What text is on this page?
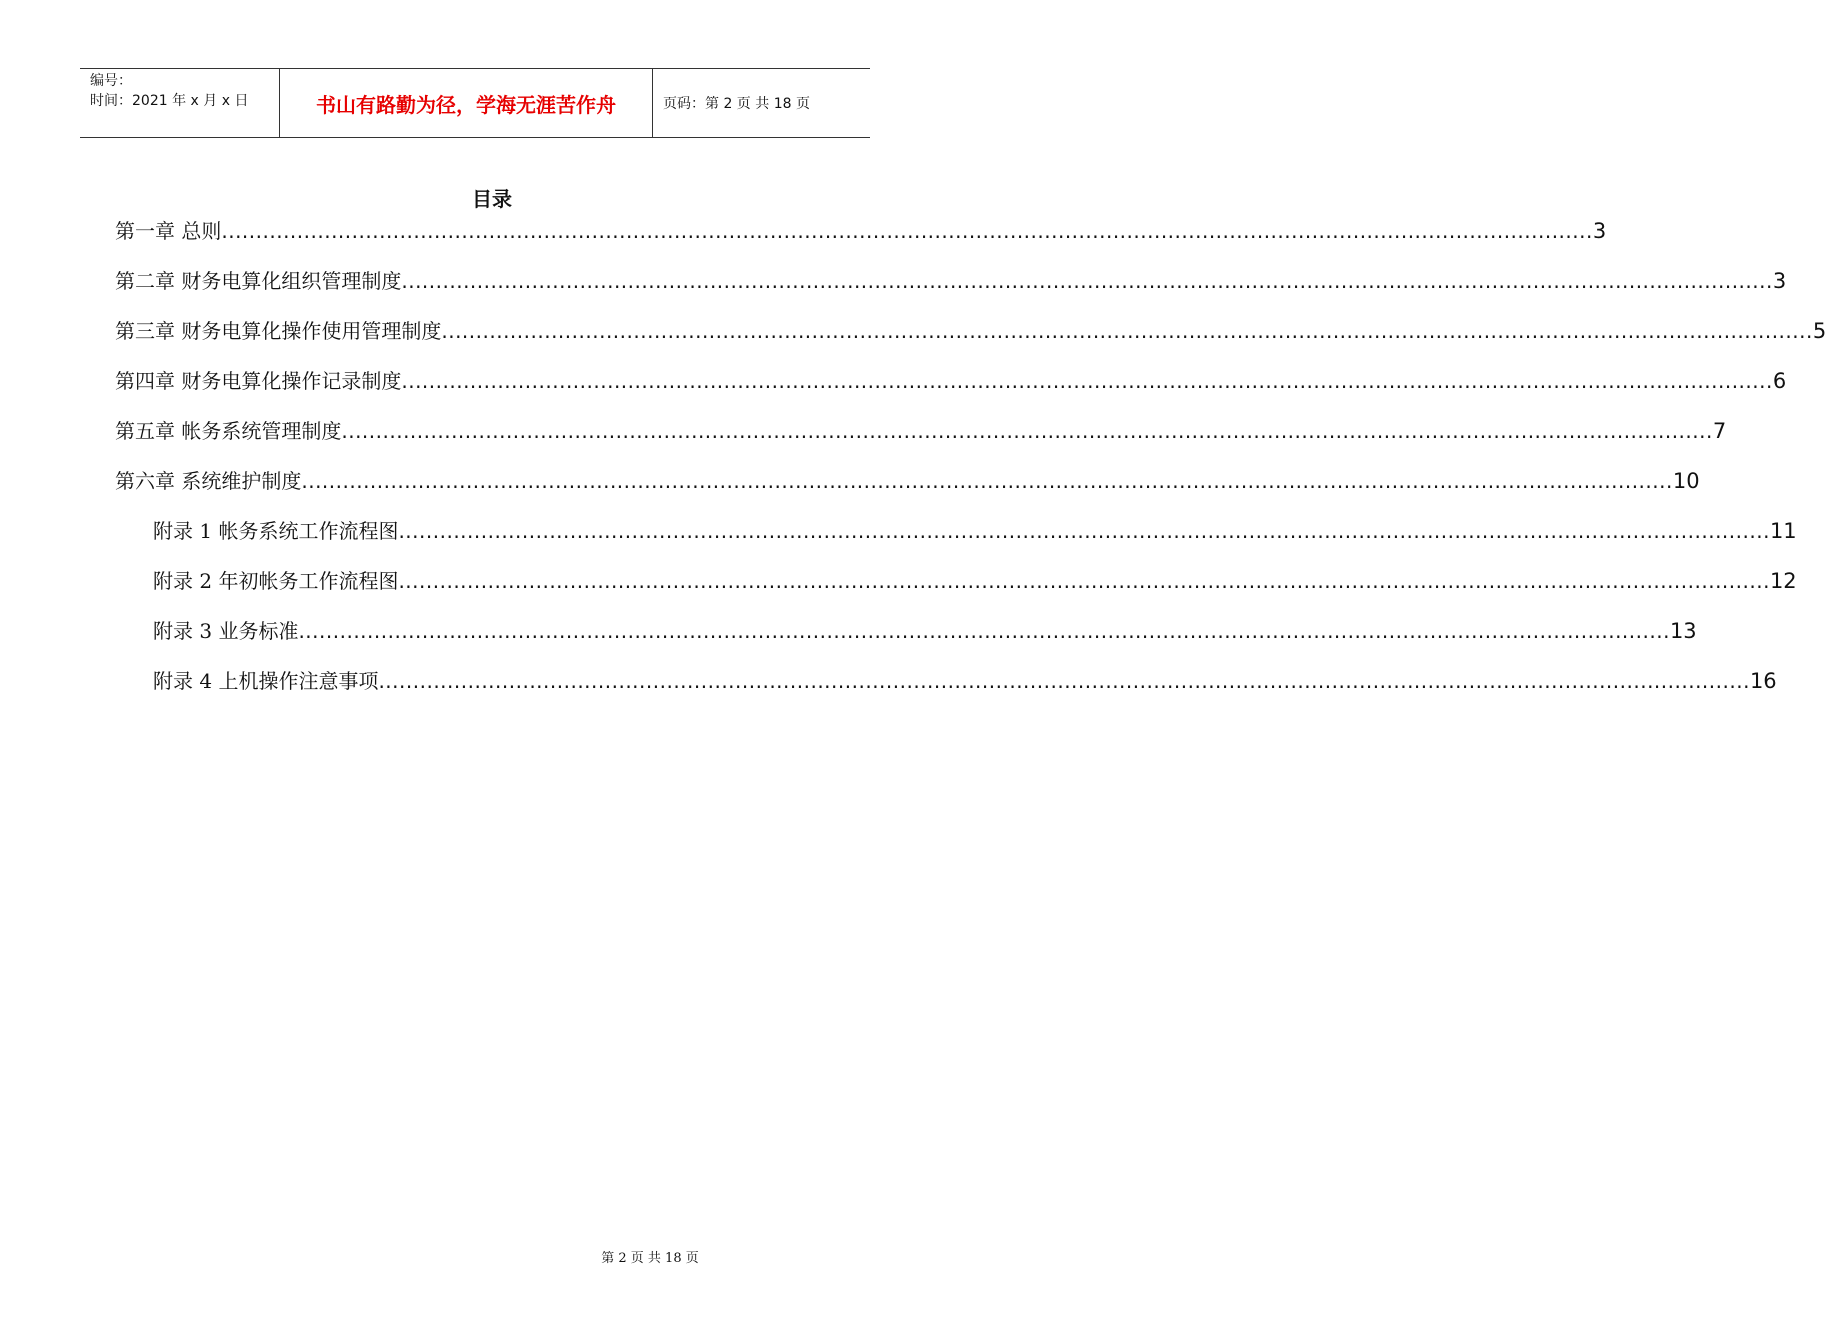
编号：
时间：2021 年 x 月 x 日	书山有路勤为径，学海无涯苦作舟	页码：第 2 页 共 18 页
目录
第一章 总则 ........................................................................................................................................................................................................ 3
第二章 财务电算化组织管理制度 ........................................................................................................................................................................................................ 3
第三章 财务电算化操作使用管理制度 ........................................................................................................................................................................................................ 5
第四章 财务电算化操作记录制度 ........................................................................................................................................................................................................ 6
第五章 帐务系统管理制度 ........................................................................................................................................................................................................ 7
第六章 系统维护制度 ........................................................................................................................................................................................................ 10
附录 1 帐务系统工作流程图 ........................................................................................................................................................................................................ 11
附录 2 年初帐务工作流程图 ........................................................................................................................................................................................................ 12
附录 3 业务标准 ........................................................................................................................................................................................................ 13
附录 4 上机操作注意事项 ........................................................................................................................................................................................................ 16
第 2 页 共 18 页
